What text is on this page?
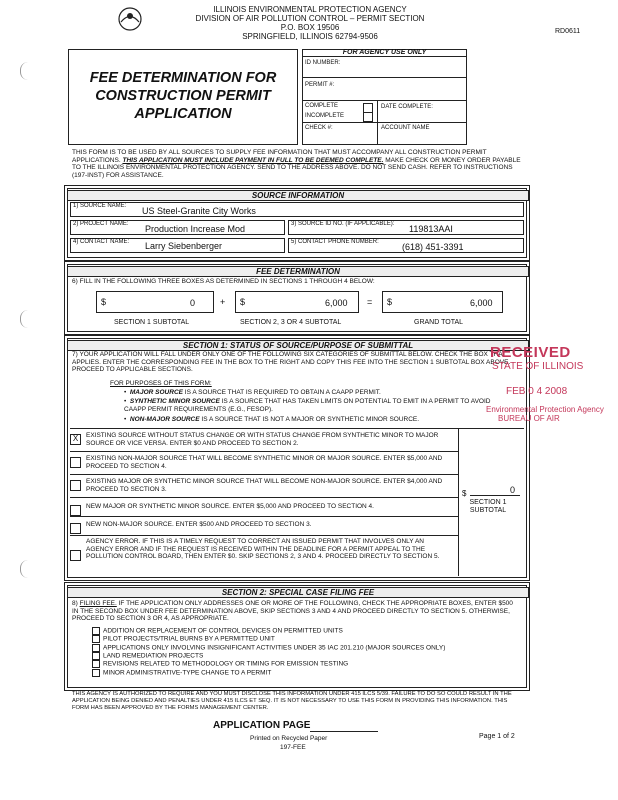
ILLINOIS ENVIRONMENTAL PROTECTION AGENCY
DIVISION OF AIR POLLUTION CONTROL – PERMIT SECTION
P.O. BOX 19506
SPRINGFIELD, ILLINOIS 62794-9506
RD0611
FEE DETERMINATION FOR
CONSTRUCTION PERMIT
APPLICATION
FOR AGENCY USE ONLY
ID NUMBER:
PERMIT #:
COMPLETE
INCOMPLETE
DATE COMPLETE:
CHECK #:	ACCOUNT NAME
THIS FORM IS TO BE USED BY ALL SOURCES TO SUPPLY FEE INFORMATION THAT MUST ACCOMPANY ALL CONSTRUCTION PERMIT APPLICATIONS. THIS APPLICATION MUST INCLUDE PAYMENT IN FULL TO BE DEEMED COMPLETE. MAKE CHECK OR MONEY ORDER PAYABLE TO THE ILLINOIS ENVIRONMENTAL PROTECTION AGENCY. SEND TO THE ADDRESS ABOVE. DO NOT SEND CASH. REFER TO INSTRUCTIONS (197-INST) FOR ASSISTANCE.
SOURCE INFORMATION
1) SOURCE NAME: US Steel-Granite City Works
2) PROJECT NAME: Production Increase Mod	3) SOURCE ID NO. (IF APPLICABLE): 119813AAI
4) CONTACT NAME: Larry Siebenberger	5) CONTACT PHONE NUMBER:	(618) 451-3391
FEE DETERMINATION
6) FILL IN THE FOLLOWING THREE BOXES AS DETERMINED IN SECTIONS 1 THROUGH 4 BELOW:
$	0	+ $	6,000 = $	6,000
SECTION 1 SUBTOTAL	SECTION 2, 3 OR 4 SUBTOTAL	GRAND TOTAL
SECTION 1: STATUS OF SOURCE/PURPOSE OF SUBMITTAL
7) YOUR APPLICATION WILL FALL UNDER ONLY ONE OF THE FOLLOWING SIX CATEGORIES OF SUBMITTAL BELOW. CHECK THE BOX THAT APPLIES. ENTER THE CORRESPONDING FEE IN THE BOX TO THE RIGHT AND COPY THIS FEE INTO THE SECTION 1 SUBTOTAL BOX ABOVE. PROCEED TO APPLICABLE SECTIONS.
FOR PURPOSES OF THIS FORM:
•  MAJOR SOURCE IS A SOURCE THAT IS REQUIRED TO OBTAIN A CAAPP PERMIT.
•  SYNTHETIC MINOR SOURCE IS A SOURCE THAT HAS TAKEN LIMITS ON POTENTIAL TO EMIT IN A PERMIT TO AVOID CAAPP PERMIT REQUIREMENTS (E.G., FESOP).
•  NON-MAJOR SOURCE IS A SOURCE THAT IS NOT A MAJOR OR SYNTHETIC MINOR SOURCE.
X	EXISTING SOURCE WITHOUT STATUS CHANGE OR WITH STATUS CHANGE FROM SYNTHETIC MINOR TO MAJOR SOURCE OR VICE VERSA. ENTER $0 AND PROCEED TO SECTION 2.
EXISTING NON-MAJOR SOURCE THAT WILL BECOME SYNTHETIC MINOR OR MAJOR SOURCE. ENTER $5,000 AND PROCEED TO SECTION 4.
EXISTING MAJOR OR SYNTHETIC MINOR SOURCE THAT WILL BECOME NON-MAJOR SOURCE. ENTER $4,000 AND PROCEED TO SECTION 3.
NEW MAJOR OR SYNTHETIC MINOR SOURCE. ENTER $5,000 AND PROCEED TO SECTION 4.
NEW NON-MAJOR SOURCE. ENTER $500 AND PROCEED TO SECTION 3.
AGENCY ERROR. IF THIS IS A TIMELY REQUEST TO CORRECT AN ISSUED PERMIT THAT INVOLVES ONLY AN AGENCY ERROR AND IF THE REQUEST IS RECEIVED WITHIN THE DEADLINE FOR A PERMIT APPEAL TO THE POLLUTION CONTROL BOARD, THEN ENTER $0. SKIP SECTIONS 2, 3 AND 4. PROCEED DIRECTLY TO SECTION 5.
$	0
SECTION 1 SUBTOTAL
SECTION 2: SPECIAL CASE FILING FEE
8) FILING FEE. IF THE APPLICATION ONLY ADDRESSES ONE OR MORE OF THE FOLLOWING, CHECK THE APPROPRIATE BOXES, ENTER $500 IN THE SECOND BOX UNDER FEE DETERMINATION ABOVE, SKIP SECTIONS 3 AND 4 AND PROCEED DIRECTLY TO SECTION 5. OTHERWISE, PROCEED TO SECTION 3 OR 4, AS APPROPRIATE.
ADDITION OR REPLACEMENT OF CONTROL DEVICES ON PERMITTED UNITS
PILOT PROJECTS/TRIAL BURNS BY A PERMITTED UNIT
APPLICATIONS ONLY INVOLVING INSIGNIFICANT ACTIVITIES UNDER 35 IAC 201.210 (MAJOR SOURCES ONLY)
LAND REMEDIATION PROJECTS
REVISIONS RELATED TO METHODOLOGY OR TIMING FOR EMISSION TESTING
MINOR ADMINISTRATIVE-TYPE CHANGE TO A PERMIT
THIS AGENCY IS AUTHORIZED TO REQUIRE AND YOU MUST DISCLOSE THIS INFORMATION UNDER 415 ILCS 5/39. FAILURE TO DO SO COULD RESULT IN THE APPLICATION BEING DENIED AND PENALTIES UNDER 415 ILCS ET SEQ. IT IS NOT NECESSARY TO USE THIS FORM IN PROVIDING THIS INFORMATION. THIS FORM HAS BEEN APPROVED BY THE FORMS MANAGEMENT CENTER.
APPLICATION PAGE
Printed on Recycled Paper
197-FEE
Page 1 of 2
RECEIVED
STATE OF ILLINOIS
FEB 0 4 2008
Environmental Protection Agency
BUREAU OF AIR
